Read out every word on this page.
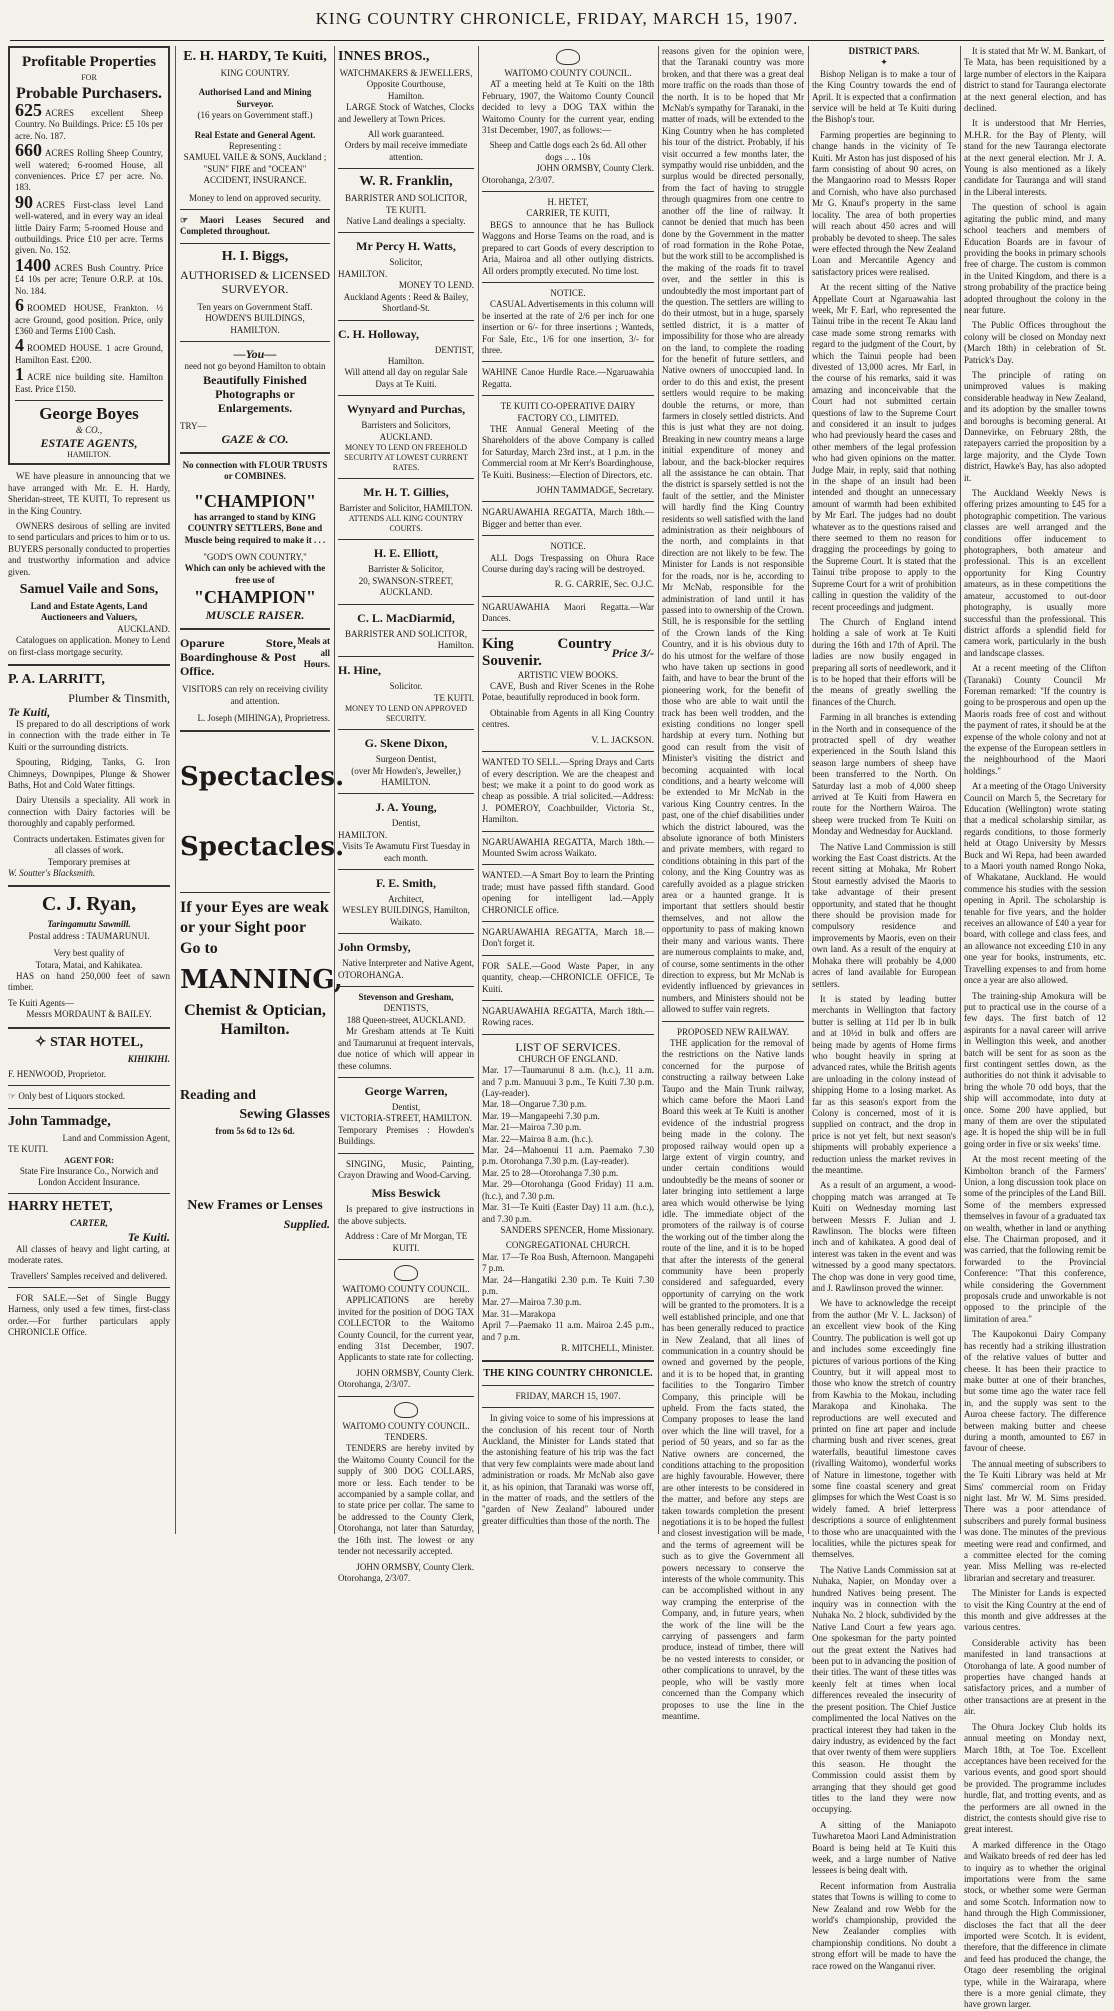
KING COUNTRY CHRONICLE, FRIDAY, MARCH 15, 1907.
Profitable Properties
FOR
Probable Purchasers.
625 ACRES excellent Sheep Country. No Buildings. Price: £5 10s per acre. No. 187.
660 ACRES Rolling Sheep Country, well watered; 6-roomed House, all conveniences. Price £7 per acre. No. 183.
90 ACRES First-class level Land well-watered, and in every way an ideal little Dairy Farm; 5-roomed House and outbuildings. Price £10 per acre. Terms given. No. 152.
1400 ACRES Bush Country. Price £4 10s per acre; Tenure O.R.P. at 10s. No. 184.
6 ROOMED HOUSE, Frankton. ½ acre Ground, good position. Price, only £360 and Terms £100 Cash.
4 ROOMED HOUSE. 1 acre Ground, Hamilton East. £200.
1 ACRE nice building site. Hamilton East. Price £150.
George Boyes
& CO.,
ESTATE AGENTS,
HAMILTON.

WE have pleasure in announcing that we have arranged with Mr. E. H. Hardy, Sheridan-street, TE KUITI, To represent us in the King Country.

OWNERS desirous of selling are invited to send particulars and prices to him or to us. BUYERS personally conducted to properties and trustworthy information and advice given.

Samuel Vaile and Sons,
Land and Estate Agents, Land Auctioneers and Valuers,
AUCKLAND.

Catalogues on application. Money to Lend on first-class mortgage security.

P. A. LARRITT,
Plumber & Tinsmith,
Te Kuiti,

IS prepared to do all descriptions of work in connection with the trade either in Te Kuiti or the surrounding districts.

Spouting, Ridging, Tanks, G. Iron Chimneys, Downpipes, Plunge & Shower Baths, Hot and Cold Water fittings.

Dairy Utensils a speciality. All work in connection with Dairy factories will be thoroughly and capably performed.

Contracts undertaken. Estimates given for all classes of work.
Temporary premises at
W. Soutter's Blacksmith.
C. J. Ryan,
Taringamutu Sawmill.
Postal address : TAUMARUNUI.
Very best quality of
Totara, Matai, and Kahikatea.

HAS on hand 250,000 feet of sawn timber.

Te Kuiti Agents—
Messrs MORDAUNT & BAILEY.
✧ STAR HOTEL,
KIHIKIHI.
F. HENWOOD, Proprietor.
☞ Only best of Liquors stocked.
John Tammadge,
Land and Commission Agent,
TE KUITI.
AGENT FOR:
State Fire Insurance Co., Norwich and London Accident Insurance.
HARRY HETET,
CARTER,
Te Kuiti.

All classes of heavy and light carting, at moderate rates.

Travellers' Samples received and delivered.

FOR SALE.—Set of Single Buggy Harness, only used a few times, first-class order.—For further particulars apply CHRONICLE Office.

E. H. HARDY, Te Kuiti,
KING COUNTRY.
Authorised Land and Mining Surveyor.
(16 years on Government staff.)
Real Estate and General Agent.
Representing :
SAMUEL VAILE & SONS, Auckland ;
"SUN" FIRE and "OCEAN" ACCIDENT, INSURANCE.
Money to lend on approved security.
☞ Maori Leases Secured and Completed throughout.
H. I. Biggs,
AUTHORISED & LICENSED SURVEYOR.
Ten years on Government Staff.
HOWDEN'S BUILDINGS, HAMILTON.
—You—
need not go beyond Hamilton to obtain
Beautifully Finished Photographs or Enlargements.
TRY—
GAZE & CO.
No connection with FLOUR TRUSTS or COMBINES.
"CHAMPION"
has arranged to stand by KING COUNTRY SETTLERS, Bone and Muscle being required to make it . . .
"GOD'S OWN COUNTRY,"
Which can only be achieved with the free use of
"CHAMPION"
MUSCLE RAISER.
Oparure Store, Boardinghouse & Post Office.
Meals at all Hours.
VISITORS can rely on receiving civility and attention.
L. Joseph (MIHINGA), Proprietress.
Spectacles.
Spectacles.
If your Eyes are weak or your Sight poor
Go to
MANNING,
Chemist & Optician,
Hamilton.
Reading and
Sewing Glasses
from 5s 6d to 12s 6d.
New Frames or Lenses
Supplied.
INNES BROS.,
WATCHMAKERS & JEWELLERS,
Opposite Courthouse,
Hamilton.

LARGE Stock of Watches, Clocks and Jewellery at Town Prices.

All work guaranteed.
Orders by mail receive immediate attention.
W. R. Franklin,
BARRISTER AND SOLICITOR,
TE KUITI.
Native Land dealings a specialty.
Mr Percy H. Watts,
Solicitor,
HAMILTON.
MONEY TO LEND.
Auckland Agents : Reed & Bailey, Shortland-St.
C. H. Holloway,
DENTIST,
Hamilton.
Will attend all day on regular Sale Days at Te Kuiti.
Wynyard and Purchas,
Barristers and Solicitors, AUCKLAND.
MONEY TO LEND ON FREEHOLD SECURITY AT LOWEST CURRENT RATES.
Mr. H. T. Gillies,
Barrister and Solicitor, HAMILTON.
ATTENDS ALL KING COUNTRY COURTS.
H. E. Elliott,
Barrister & Solicitor,
20, SWANSON-STREET, AUCKLAND.
C. L. MacDiarmid,
BARRISTER AND SOLICITOR,
Hamilton.
H. Hine,
Solicitor.
TE KUITI.
MONEY TO LEND ON APPROVED SECURITY.
G. Skene Dixon,
Surgeon Dentist,
(over Mr Howden's, Jeweller,) HAMILTON.
J. A. Young,
Dentist,
HAMILTON.
Visits Te Awamutu First Tuesday in each month.
F. E. Smith,
Architect,
WESLEY BUILDINGS, Hamilton, Waikato.
John Ormsby,
Native Interpreter and Native Agent,
OTOROHANGA.
Stevenson and Gresham,
DENTISTS,
188 Queen-street, AUCKLAND.

Mr Gresham attends at Te Kuiti and Taumarunui at frequent intervals, due notice of which will appear in these columns.

George Warren,
Dentist,
VICTORIA-STREET, HAMILTON.
Temporary Premises : Howden's Buildings.

SINGING, Music, Painting, Crayon Drawing and Wood-Carving.

Miss Beswick

Is prepared to give instructions in the above subjects.

Address : Care of Mr Morgan, TE KUITI.
WAITOMO COUNTY COUNCIL.

APPLICATIONS are hereby invited for the position of DOG TAX COLLECTOR to the Waitomo County Council, for the current year, ending 31st December, 1907. Applicants to state rate for collecting.

JOHN ORMSBY, County Clerk.
Otorohanga, 2/3/07.
WAITOMO COUNTY COUNCIL.
TENDERS.

TENDERS are hereby invited by the Waitomo County Council for the supply of 300 DOG COLLARS, more or less. Each tender to be accompanied by a sample collar, and to state price per collar. The same to be addressed to the County Clerk, Otorohanga, not later than Saturday, the 16th inst. The lowest or any tender not necessarily accepted.

JOHN ORMSBY, County Clerk.
Otorohanga, 2/3/07.
WAITOMO COUNTY COUNCIL.

AT a meeting held at Te Kuiti on the 18th February, 1907, the Waitomo County Council decided to levy a DOG TAX within the Waitomo County for the current year, ending 31st December, 1907, as follows:—

Sheep and Cattle dogs each 2s 6d. All other dogs .. .. 10s
JOHN ORMSBY, County Clerk.
Otorohanga, 2/3/07.
H. HETET,
CARRIER, TE KUITI,

BEGS to announce that he has Bullock Waggons and Horse Teams on the road, and is prepared to cart Goods of every description to Aria, Mairoa and all other outlying districts. All orders promptly executed. No time lost.

NOTICE.

CASUAL Advertisements in this column will be inserted at the rate of 2/6 per inch for one insertion or 6/- for three insertions ; Wanteds, For Sale, Etc., 1/6 for one insertion, 3/- for three.

WAHINE Canoe Hurdle Race.—Ngaruawahia Regatta.

TE KUITI CO-OPERATIVE DAIRY FACTORY CO., LIMITED.

THE Annual General Meeting of the Shareholders of the above Company is called for Saturday, March 23rd inst., at 1 p.m. in the Commercial room at Mr Kerr's Boardinghouse, Te Kuiti. Business:—Election of Directors, etc.

JOHN TAMMADGE, Secretary.

NGARUAWAHIA REGATTA, March 18th.—Bigger and better than ever.

NOTICE.

ALL Dogs Trespassing on Ohura Race Course during day's racing will be destroyed.

R. G. CARRIE, Sec. O.J.C.

NGARUAWAHIA Maori Regatta.—War Dances.

King Country Souvenir.	Price 3/-
ARTISTIC VIEW BOOKS.

CAVE, Bush and River Scenes in the Rohe Potae, beautifully reproduced in book form.

Obtainable from Agents in all King Country centres.

V. L. JACKSON.

WANTED TO SELL.—Spring Drays and Carts of every description. We are the cheapest and best; we make it a point to do good work as cheap as possible. A trial solicited.—Address: J. POMEROY, Coachbuilder, Victoria St., Hamilton.

NGARUAWAHIA REGATTA, March 18th.—Mounted Swim across Waikato.

WANTED.—A Smart Boy to learn the Printing trade; must have passed fifth standard. Good opening for intelligent lad.—Apply CHRONICLE office.

NGARUAWAHIA REGATTA, March 18.—Don't forget it.

FOR SALE.—Good Waste Paper, in any quantity, cheap.—CHRONICLE OFFICE, Te Kuiti.

NGARUAWAHIA REGATTA, March 18th.—Rowing races.

LIST OF SERVICES.
CHURCH OF ENGLAND.
Mar. 17—Taumarunui 8 a.m. (h.c.), 11 a.m. and 7 p.m. Manuuui 3 p.m., Te Kuiti 7.30 p.m. (Lay-reader).
Mar. 18—Ongarue 7.30 p.m.
Mar. 19—Mangapeehi 7.30 p.m.
Mar. 21—Mairoa 7.30 p.m.
Mar. 22—Mairoa 8 a.m. (h.c.).
Mar. 24—Mahoenui 11 a.m. Paemako 7.30 p.m. Otorohanga 7.30 p.m. (Lay-reader).
Mar. 25 to 28—Otorohanga 7.30 p.m.
Mar. 29—Otorohanga (Good Friday) 11 a.m. (h.c.), and 7.30 p.m.
Mar. 31—Te Kuiti (Easter Day) 11 a.m. (h.c.), and 7.30 p.m.
SANDERS SPENCER, Home Missionary.
CONGREGATIONAL CHURCH.
Mar. 17—Te Roa Bush, Afternoon. Mangapehi 7 p.m.
Mar. 24—Hangatiki 2.30 p.m. Te Kuiti 7.30 p.m.
Mar. 27—Mairoa 7.30 p.m.
Mar. 31—Marakopa
April 7—Paemako 11 a.m. Mairoa 2.45 p.m., and 7 p.m.
R. MITCHELL, Minister.
THE KING COUNTRY CHRONICLE.
FRIDAY, MARCH 15, 1907.

In giving voice to some of his impressions at the conclusion of his recent tour of North Auckland, the Minister for Lands stated that the astonishing feature of his trip was the fact that very few complaints were made about land administration or roads. Mr McNab also gave it, as his opinion, that Taranaki was worse off, in the matter of roads, and the settlers of the "garden of New Zealand" laboured under greater difficulties than those of the north. The

reasons given for the opinion were, that the Taranaki country was more broken, and that there was a great deal more traffic on the roads than those of the north. It is to be hoped that Mr McNab's sympathy for Taranaki, in the matter of roads, will be extended to the King Country when he has completed his tour of the district. Probably, if his visit occurred a few months later, the sympathy would rise unbidden, and the surplus would be directed personally, from the fact of having to struggle through quagmires from one centre to another off the line of railway. It cannot be denied that much has been done by the Government in the matter of road formation in the Rohe Potae, but the work still to be accomplished is the making of the roads fit to travel over, and the settler in this is undoubtedly the most important part of the question. The settlers are willing to do their utmost, but in a huge, sparsely settled district, it is a matter of impossibility for those who are already on the land, to complete the roading for the benefit of future settlers, and Native owners of unoccupied land. In order to do this and exist, the present settlers would require to be making double the returns, or more, than farmers in closely settled districts. And this is just what they are not doing. Breaking in new country means a large initial expenditure of money and labour, and the back-blocker requires all the assistance he can obtain. That the district is sparsely settled is not the fault of the settler, and the Minister will hardly find the King Country residents so well satisfied with the land administration as their neighbours of the north, and complaints in that direction are not likely to be few. The Minister for Lands is not responsible for the roads, nor is he, according to Mr McNab, responsible for the administration of land until it has passed into to ownership of the Crown. Still, he is responsible for the settling of the Crown lands of the King Country, and it is his obvious duty to do his utmost for the welfare of those who have taken up sections in good faith, and have to bear the brunt of the pioneering work, for the benefit of those who are able to wait until the track has been well trodden, and the existing conditions no longer spell hardship at every turn. Nothing but good can result from the visit of Minister's visiting the district and becoming acquainted with local conditions, and a hearty welcome will be extended to Mr McNab in the various King Country centres. In the past, one of the chief disabilities under which the district laboured, was the absolute ignorance of both Ministers and private members, with regard to conditions obtaining in this part of the colony, and the King Country was as carefully avoided as a plague stricken area or a haunted grange. It is important that settlers should bestir themselves, and not allow the opportunity to pass of making known their many and various wants. There are numerous complaints to make, and, of course, some sentiments in the other direction to express, but Mr McNab is evidently influenced by grievances in numbers, and Ministers should not be allowed to suffer vain regrets.

PROPOSED NEW RAILWAY.

THE application for the removal of the restrictions on the Native lands concerned for the purpose of constructing a railway between Lake Taupo and the Main Trunk railway, which came before the Maori Land Board this week at Te Kuiti is another evidence of the industrial progress being made in the colony. The proposed railway would open up a large extent of virgin country, and under certain conditions would undoubtedly be the means of sooner or later bringing into settlement a large area which would otherwise be lying idle. The immediate object of the promoters of the railway is of course the working out of the timber along the route of the line, and it is to be hoped that after the interests of the general community have been properly considered and safeguarded, every opportunity of carrying on the work will be granted to the promoters. It is a well established principle, and one that has been generally reduced to practice in New Zealand, that all lines of communication in a country should be owned and governed by the people, and it is to be hoped that, in granting facilities to the Tongariro Timber Company, this principle will be upheld. From the facts stated, the Company proposes to lease the land over which the line will travel, for a period of 50 years, and so far as the Native owners are concerned, the conditions attaching to the proposition are highly favourable. However, there are other interests to be considered in the matter, and before any steps are taken towards completion the present negotiations it is to be hoped the fullest and closest investigation will be made, and the terms of agreement will be such as to give the Government all powers necessary to conserve the interests of the whole community. This can be accomplished without in any way cramping the enterprise of the Company, and, in future years, when the work of the line will be the carrying of passengers and farm produce, instead of timber, there will be no vested interests to consider, or other complications to unravel, by the people, who will be vastly more concerned than the Company which proposes to use the line in the meantime.

DISTRICT PARS.
✦

Bishop Neligan is to make a tour of the King Country towards the end of April. It is expected that a confirmation service will be held at Te Kuiti during the Bishop's tour.

Farming properties are beginning to change hands in the vicinity of Te Kuiti. Mr Aston has just disposed of his farm consisting of about 90 acres, on the Mangaorino road to Messrs Roper and Cornish, who have also purchased Mr G. Knauf's property in the same locality. The area of both properties will reach about 450 acres and will probably be devoted to sheep. The sales were effected through the New Zealand Loan and Mercantile Agency and satisfactory prices were realised.

At the recent sitting of the Native Appellate Court at Ngaruawahia last week, Mr F. Earl, who represented the Tainui tribe in the recent Te Akau land case made some strong remarks with regard to the judgment of the Court, by which the Tainui people had been divested of 13,000 acres. Mr Earl, in the course of his remarks, said it was amazing and inconceivable that the Court had not submitted certain questions of law to the Supreme Court and considered it an insult to judges who had previously heard the cases and other members of the legal profession who had given opinions on the matter. Judge Mair, in reply, said that nothing in the shape of an insult had been intended and thought an unnecessary amount of warmth had been exhibited by Mr Earl. The judges had no doubt whatever as to the questions raised and there seemed to them no reason for dragging the proceedings by going to the Supreme Court. It is stated that the Tainui tribe propose to apply to the Supreme Court for a writ of prohibition calling in question the validity of the recent proceedings and judgment.

The Church of England intend holding a sale of work at Te Kuiti during the 16th and 17th of April. The ladies are now busily engaged in preparing all sorts of needlework, and it is to be hoped that their efforts will be the means of greatly swelling the finances of the Church.

Farming in all branches is extending in the North and in consequence of the protracted spell of dry weather experienced in the South Island this season large numbers of sheep have been transferred to the North. On Saturday last a mob of 4,000 sheep arrived at Te Kuiti from Hawera en route for the Northern Wairoa. The sheep were trucked from Te Kuiti on Monday and Wednesday for Auckland.

The Native Land Commission is still working the East Coast districts. At the recent sitting at Mohaka, Mr Robert Stout earnestly advised the Maoris to take advantage of their present opportunity, and stated that he thought there should be provision made for compulsory residence and improvements by Maoris, even on their own land. As a result of the enquiry at Mohaka there will probably be 4,000 acres of land available for European settlers.

It is stated by leading butter merchants in Wellington that factory butter is selling at 11d per lb in bulk and at 10½d in bulk and offers are being made by agents of Home firms who bought heavily in spring at advanced rates, while the British agents are unloading in the colony instead of shipping Home to a losing market. As far as this season's export from the Colony is concerned, most of it is supplied on contract, and the drop in price is not yet felt, but next season's shipments will probably experience a reduction unless the market revives in the meantime.

As a result of an argument, a wood-chopping match was arranged at Te Kuiti on Wednesday morning last between Messrs F. Julian and J. Rawlinson. The blocks were fifteen inch and of kahikatea. A good deal of interest was taken in the event and was witnessed by a good many spectators. The chop was done in very good time, and J. Rawlinson proved the winner.

We have to acknowledge the receipt from the author (Mr V. L. Jackson) of an excellent view book of the King Country. The publication is well got up and includes some exceedingly fine pictures of various portions of the King Country, but it will appeal most to those who know the stretch of country from Kawhia to the Mokau, including Marakopa and Kinohaka. The reproductions are well executed and printed on fine art paper and include charming bush and river scenes, great waterfalls, beautiful limestone caves (rivalling Waitomo), wonderful works of Nature in limestone, together with some fine coastal scenery and great glimpses for which the West Coast is so widely famed. A brief letterpress descriptions a source of enlightenment to those who are unacquainted with the localities, while the pictures speak for themselves.

The Native Lands Commission sat at Nuhaka, Napier, on Monday over a hundred Natives being present. The inquiry was in connection with the Nuhaka No. 2 block, subdivided by the Native Land Court a few years ago. One spokesman for the party pointed out the great extent the Natives had been put to in advancing the position of their titles. The want of these titles was keenly felt at times when local differences revealed the insecurity of the present position. The Chief Justice complimented the local Natives on the practical interest they had taken in the dairy industry, as evidenced by the fact that over twenty of them were suppliers this season. He thought the Commission could assist them by arranging that they should get good titles to the land they were now occupying.

A sitting of the Maniapoto Tuwharetoa Maori Land Administration Board is being held at Te Kuiti this week, and a large number of Native lessees is being dealt with.

Recent information from Australia states that Towns is willing to come to New Zealand and row Webb for the world's championship, provided the New Zealander complies with championship conditions. No doubt a strong effort will be made to have the race rowed on the Wanganui river.

It is stated that Mr W. M. Bankart, of Te Mata, has been requisitioned by a large number of electors in the Kaipara district to stand for Tauranga electorate at the next general election, and has declined.

It is understood that Mr Herries, M.H.R. for the Bay of Plenty, will stand for the new Tauranga electorate at the next general election. Mr J. A. Young is also mentioned as a likely candidate for Tauranga and will stand in the Liberal interests.

The question of school is again agitating the public mind, and many school teachers and members of Education Boards are in favour of providing the books in primary schools free of charge. The custom is common in the United Kingdom, and there is a strong probability of the practice being adopted throughout the colony in the near future.

The Public Offices throughout the colony will be closed on Monday next (March 18th) in celebration of St. Patrick's Day.

The principle of rating on unimproved values is making considerable headway in New Zealand, and its adoption by the smaller towns and boroughs is becoming general. At Dannevirke, on February 28th, the ratepayers carried the proposition by a large majority, and the Clyde Town district, Hawke's Bay, has also adopted it.

The Auckland Weekly News is offering prizes amounting to £45 for a photographic competition. The various classes are well arranged and the conditions offer inducement to photographers, both amateur and professional. This is an excellent opportunity for King Country amateurs, as in these competitions the amateur, accustomed to out-door photography, is usually more successful than the professional. This district affords a splendid field for camera work, particularly in the bush and landscape classes.

At a recent meeting of the Clifton (Taranaki) County Council Mr Foreman remarked: "If the country is going to be prosperous and open up the Maoris roads free of cost and without the payment of rates, it should be at the expense of the whole colony and not at the expense of the European settlers in the neighbourhood of the Maori holdings."

At a meeting of the Otago University Council on March 5, the Secretary for Education (Wellington) wrote stating that a medical scholarship similar, as regards conditions, to those formerly held at Otago University by Messrs Buck and Wi Repa, had been awarded to a Maori youth named Rongo Noka, of Whakatane, Auckland. He would commence his studies with the session opening in April. The scholarship is tenable for five years, and the holder receives an allowance of £40 a year for board, with college and class fees, and an allowance not exceeding £10 in any one year for books, instruments, etc. Travelling expenses to and from home once a year are also allowed.

The training-ship Amokura will be put to practical use in the course of a few days. The first batch of 12 aspirants for a naval career will arrive in Wellington this week, and another batch will be sent for as soon as the first contingent settles down, as the authorities do not think it advisable to bring the whole 70 odd boys, that the ship will accommodate, into duty at once. Some 200 have applied, but many of them are over the stipulated age. It is hoped the ship will be in full going order in five or six weeks' time.

At the most recent meeting of the Kimbolton branch of the Farmers' Union, a long discussion took place on some of the principles of the Land Bill. Some of the members expressed themselves in favour of a graduated tax on wealth, whether in land or anything else. The Chairman proposed, and it was carried, that the following remit be forwarded to the Provincial Conference: "That this conference, while considering the Government proposals crude and unworkable is not opposed to the principle of the limitation of area."

The Kaupokonui Dairy Company has recently had a striking illustration of the relative values of butter and cheese. It has been their practice to make butter at one of their branches, but some time ago the water race fell in, and the supply was sent to the Auroa cheese factory. The difference between making butter and cheese during a month, amounted to £67 in favour of cheese.

The annual meeting of subscribers to the Te Kuiti Library was held at Mr Sims' commercial room on Friday night last. Mr W. M. Sims presided. There was a poor attendance of subscribers and purely formal business was done. The minutes of the previous meeting were read and confirmed, and a committee elected for the coming year. Miss Melling was re-elected librarian and secretary and treasurer.

The Minister for Lands is expected to visit the King Country at the end of this month and give addresses at the various centres.

Considerable activity has been manifested in land transactions at Otorohanga of late. A good number of properties have changed hands at satisfactory prices, and a number of other transactions are at present in the air.

The Ohura Jockey Club holds its annual meeting on Monday next, March 18th, at Toe Toe. Excellent acceptances have been received for the various events, and good sport should be provided. The programme includes hurdle, flat, and trotting events, and as the performers are all owned in the district, the contests should give rise to great interest.

A marked difference in the Otago and Waikato breeds of red deer has led to inquiry as to whether the original importations were from the same stock, or whether some were German and some Scotch. Information now to hand through the High Commissioner, discloses the fact that all the deer imported were Scotch. It is evident, therefore, that the difference in climate and feed has produced the change, the Otago deer resembling the original type, while in the Wairarapa, where there is a more genial climate, they have grown larger.
